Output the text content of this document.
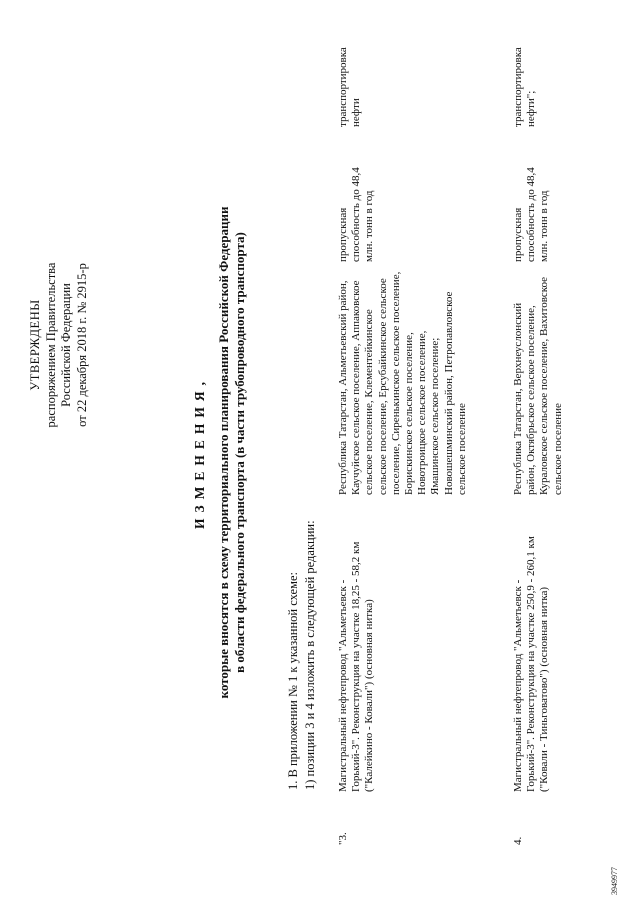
УТВЕРЖДЕНЫ распоряжением Правительства Российской Федерации от 22 декабря 2018 г. № 2915-р
ИЗМЕНЕНИЯ, которые вносятся в схему территориального планирования Российской Федерации в области федерального транспорта (в части трубопроводного транспорта)
1. В приложении № 1 к указанной схеме: 1) позиции 3 и 4 изложить в следующей редакции:
"3.
Магистральный нефтепровод "Альметьевск - Горький-3". Реконструкция на участке 18,25 - 58,2 км ("Калейкино - Ковали") (основная нитка)
Республика Татарстан, Альметьевский район, Каучуйское сельское поселение, Аппаковское сельское поселение, Клементейкинское сельское поселение, Ерсубайкинское сельское поселение, Сиренькинское сельское поселение, Борискинское сельское поселение, Новотроицкое сельское поселение, Ямашинское сельское поселение; Новошешминский район, Петропавловское сельское поселение
пропускная способность до 48,4 млн. тонн в год
транспортировка нефти
4.
Магистральный нефтепровод "Альметьевск - Горький-3". Реконструкция на участке 250,9 - 260,1 км ("Ковали - Тиньговатово") (основная нитка)
Республика Татарстан, Верхнеуслонский район, Октябрьское сельское поселение, Кураловское сельское поселение, Вахитовское сельское поселение
пропускная способность до 48,4 млн. тонн в год
транспортировка нефти";
3949977
